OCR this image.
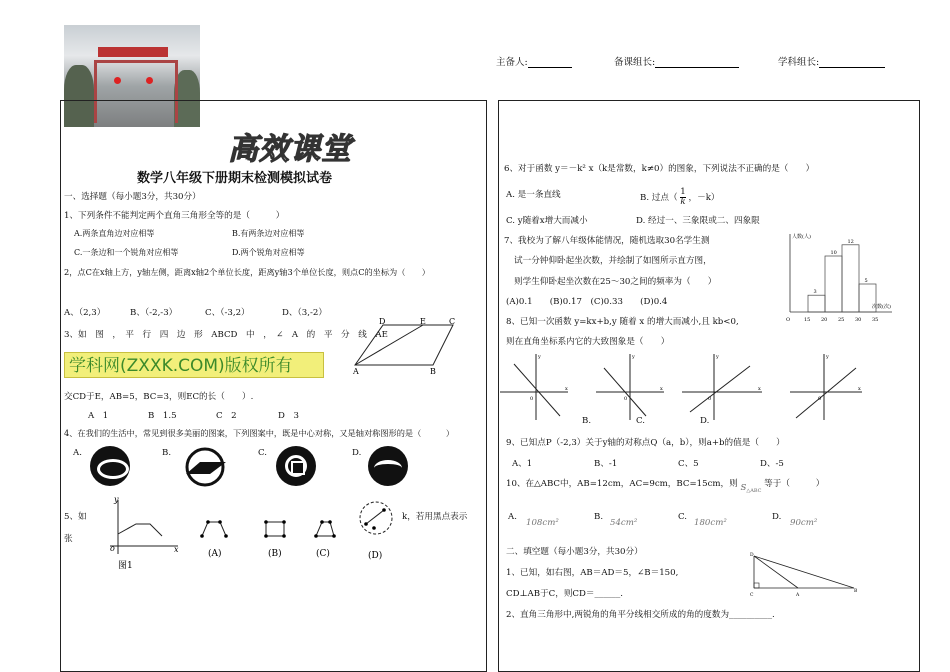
主备人:	备课组长:	学科组长:
高效课堂
数学八年级下册期末检测模拟试卷
一、选择题（每小题3分，共30分）
1、下列条件不能判定两个直角三角形全等的是（　　　）
A.两条直角边对应相等	B.有两条边对应相等
C.一条边和一个锐角对应相等	D.两个锐角对应相等
2，点C在x轴上方，y轴左侧，距离x轴2个单位长度，距离y轴3个单位长度，则点C的坐标为（　　）
A、（2,3）	B、（-2,-3）	C、（-3,2）	D、（3,-2）
3、如　图　，　平　行　四　边　形　ABCD　中　，　∠　A　的　平　分　线　AE
D	E	C
A	B
学科网(ZXXK.COM)版权所有
交CD于E，AB=5，BC=3，则EC的长（　　）.
A　1	B　1.5	C　2	D　3
4、在我们的生活中，常见到很多美丽的图案，下列图案中，既是中心对称，又是轴对称图形的是（　　　）
A.	B.	C.	D.
5、如	k，若用黑点表示
张
y
x
o
图1
(A)	(B)	(C)	(D)
6、对于函数 y＝－k² x（k是常数，k≠0）的图象，下列说法不正确的是（　　）
A. 是一条直线	B. 过点（ $\frac{1}{k}$ ，－k）
C. y随着x增大而减小	D. 经过一、三象限或二、四象限
7、我校为了解八年级体能情况，随机选取30名学生测
试一分钟仰卧起坐次数，并绘制了如图所示直方图，
则学生仰卧起坐次数在25～30之间的频率为（　　）
(A)0.1　　(B)0.17　(C)0.33　　(D)0.4
人数(人)
次数(次)
O
3
10
12
5
15 20 25 30 35
8、已知一次函数 y=kx+b,y 随着 x 的增大而减小,且 kb<0,
则在直角坐标系内它的大致图象是（　　）
x
y
0
x
y
0
x
y
0
x
y
0
B.	C.	D.
9、已知点P（-2,3）关于y轴的对称点Q（a，b），则a+b的值是（　　）
A、1	B、-1	C、5	D、-5
10、在△ABC中，AB=12cm，AC=9cm，BC=15cm，则 $S_{\triangle ABC}$ 等于（　　　）
A.
108cm²
B.
54cm²
C.
180cm²
D.
90cm²
二、填空题（每小题3分，共30分）
1、已知，如右图，AB＝AD＝5，∠B＝150,
CD⊥AB于C，则CD＝______.
D
C	A
B
2、直角三角形中,两锐角的角平分线相交所成的角的度数为__________.
